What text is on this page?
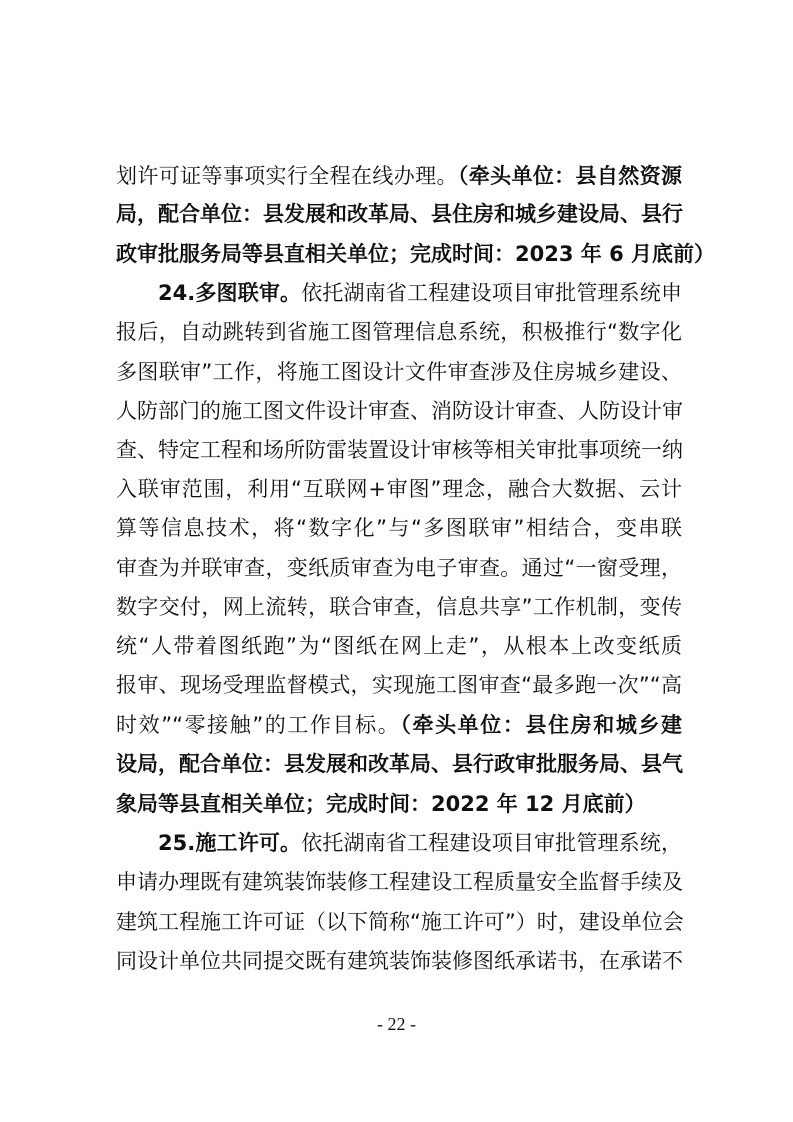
划许可证等事项实行全程在线办理。（牵头单位：县自然资源
局，配合单位：县发展和改革局、县住房和城乡建设局、县行
政审批服务局等县直相关单位；完成时间：2023 年 6 月底前）
24.多图联审。依托湖南省工程建设项目审批管理系统申
报后，自动跳转到省施工图管理信息系统，积极推行“数字化
多图联审”工作，将施工图设计文件审查涉及住房城乡建设、
人防部门的施工图文件设计审查、消防设计审查、人防设计审
查、特定工程和场所防雷装置设计审核等相关审批事项统一纳
入联审范围，利用“互联网+审图”理念，融合大数据、云计
算等信息技术，将“数字化”与“多图联审”相结合，变串联
审查为并联审查，变纸质审查为电子审查。通过“一窗受理，
数字交付，网上流转，联合审查，信息共享”工作机制，变传
统“人带着图纸跑”为“图纸在网上走”，从根本上改变纸质
报审、现场受理监督模式，实现施工图审查“最多跑一次”“高
时效”“零接触”的工作目标。（牵头单位：县住房和城乡建
设局，配合单位：县发展和改革局、县行政审批服务局、县气
象局等县直相关单位；完成时间：2022 年 12 月底前）
25.施工许可。依托湖南省工程建设项目审批管理系统，
申请办理既有建筑装饰装修工程建设工程质量安全监督手续及
建筑工程施工许可证（以下简称“施工许可”）时，建设单位会
同设计单位共同提交既有建筑装饰装修图纸承诺书，在承诺不
- 22 -
